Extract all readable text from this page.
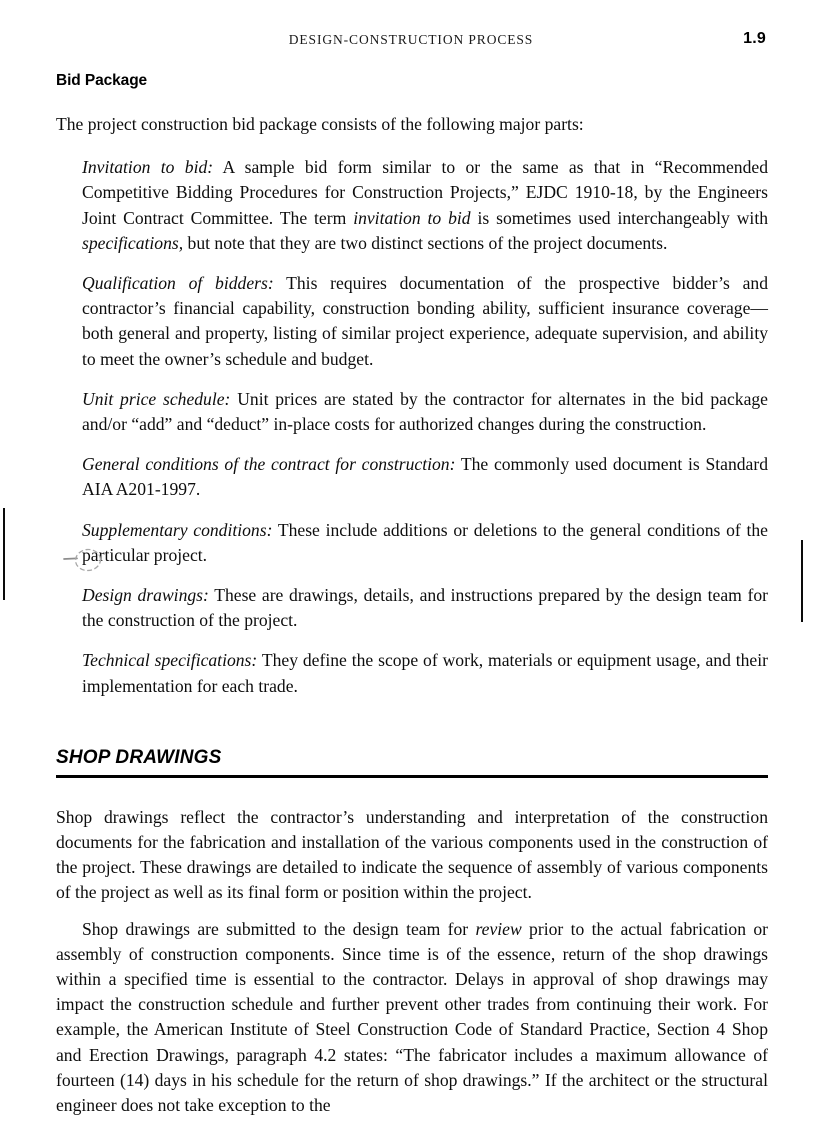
DESIGN-CONSTRUCTION PROCESS	1.9
Bid Package

The project construction bid package consists of the following major parts:

Invitation to bid: A sample bid form similar to or the same as that in “Recommended Competitive Bidding Procedures for Construction Projects,” EJDC 1910-18, by the Engineers Joint Contract Committee. The term invitation to bid is sometimes used interchangeably with specifications, but note that they are two distinct sections of the project documents.
Qualification of bidders: This requires documentation of the prospective bidder’s and contractor’s financial capability, construction bonding ability, sufficient insurance coverage—both general and property, listing of similar project experience, adequate supervision, and ability to meet the owner’s schedule and budget.
Unit price schedule: Unit prices are stated by the contractor for alternates in the bid package and/or “add” and “deduct” in-place costs for authorized changes during the construction.
General conditions of the contract for construction: The commonly used document is Standard AIA A201-1997.
Supplementary conditions: These include additions or deletions to the general conditions of the particular project.
Design drawings: These are drawings, details, and instructions prepared by the design team for the construction of the project.
Technical specifications: They define the scope of work, materials or equipment usage, and their implementation for each trade.
SHOP DRAWINGS

Shop drawings reflect the contractor’s understanding and interpretation of the construction documents for the fabrication and installation of the various components used in the construction of the project. These drawings are detailed to indicate the sequence of assembly of various components of the project as well as its final form or position within the project.

Shop drawings are submitted to the design team for review prior to the actual fabrication or assembly of construction components. Since time is of the essence, return of the shop drawings within a specified time is essential to the contractor. Delays in approval of shop drawings may impact the construction schedule and further prevent other trades from continuing their work. For example, the American Institute of Steel Construction Code of Standard Practice, Section 4 Shop and Erection Drawings, paragraph 4.2 states: “The fabricator includes a maximum allowance of fourteen (14) days in his schedule for the return of shop drawings.” If the architect or the structural engineer does not take exception to the
